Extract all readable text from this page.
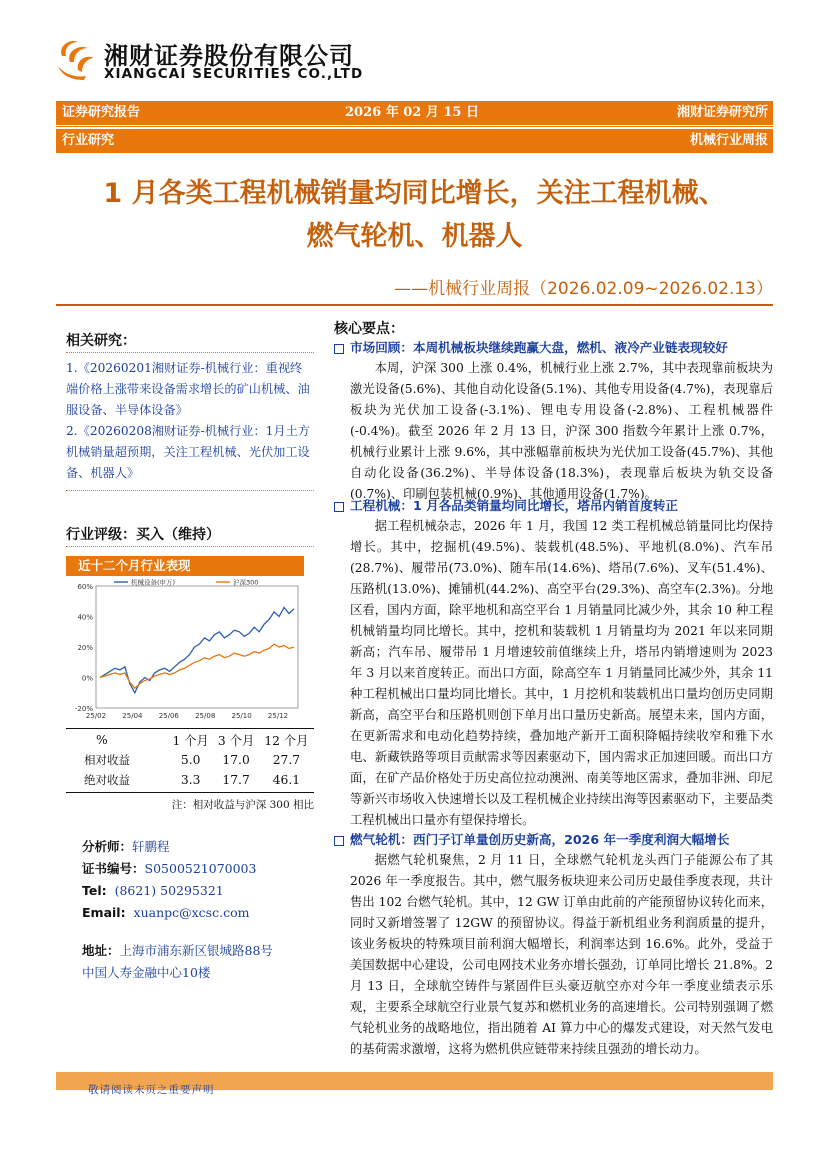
湘财证券股份有限公司
XIANGCAI SECURITIES CO.,LTD
证券研究报告	2026 年 02 月 15 日	湘财证券研究所
行业研究	机械行业周报
1 月各类工程机械销量均同比增长，关注工程机械、
燃气轮机、机器人
——机械行业周报（2026.02.09~2026.02.13）
相关研究：

1.《20260201湘财证券-机械行业：重视终端价格上涨带来设备需求增长的矿山机械、油服设备、半导体设备》

2.《20260208湘财证券-机械行业：1月土方机械销量超预期，关注工程机械、光伏加工设备、机器人》

行业评级：买入（维持）
近十二个月行业表现
60%
40%
20%
0%
-20%
25/02 25/04 25/06 25/08 25/10 25/12
机械设备(申万)	沪深300
%	1 个月	3 个月	12 个月
相对收益	5.0	17.0	27.7
绝对收益	3.3	17.7	46.1
注：相对收益与沪深 300 相比
分析师：轩鹏程
证书编号：S0500521070003
Tel: (8621) 50295321
Email: xuanpc@xcsc.com
地址：上海市浦东新区银城路88号
中国人寿金融中心10楼
核心要点：
市场回顾：本周机械板块继续跑赢大盘，燃机、液冷产业链表现较好
本周，沪深 300 上涨 0.4%，机械行业上涨 2.7%，其中表现靠前板块为激光设备(5.6%)、其他自动化设备(5.1%)、其他专用设备(4.7%)，表现靠后板块为光伏加工设备(-3.1%)、锂电专用设备(-2.8%)、工程机械器件(-0.4%)。截至 2026 年 2 月 13 日，沪深 300 指数今年累计上涨 0.7%，机械行业累计上涨 9.6%，其中涨幅靠前板块为光伏加工设备(45.7%)、其他自动化设备(36.2%)、半导体设备(18.3%)，表现靠后板块为轨交设备(0.7%)、印刷包装机械(0.9%)、其他通用设备(1.7%)。
工程机械：1 月各品类销量均同比增长，塔吊内销首度转正
据工程机械杂志，2026 年 1 月，我国 12 类工程机械总销量同比均保持增长。其中，挖掘机(49.5%)、装载机(48.5%)、平地机(8.0%)、汽车吊(28.7%)、履带吊(73.0%)、随车吊(14.6%)、塔吊(7.6%)、叉车(51.4%)、压路机(13.0%)、摊铺机(44.2%)、高空平台(29.3%)、高空车(2.3%)。分地区看，国内方面，除平地机和高空平台 1 月销量同比减少外，其余 10 种工程机械销量均同比增长。其中，挖机和装载机 1 月销量均为 2021 年以来同期新高；汽车吊、履带吊 1 月增速较前值继续上升，塔吊内销增速则为 2023 年 3 月以来首度转正。而出口方面，除高空车 1 月销量同比减少外，其余 11 种工程机械出口量均同比增长。其中，1 月挖机和装载机出口量均创历史同期新高，高空平台和压路机则创下单月出口量历史新高。展望未来，国内方面，在更新需求和电动化趋势持续，叠加地产新开工面积降幅持续收窄和雅下水电、新藏铁路等项目贡献需求等因素驱动下，国内需求正加速回暖。而出口方面，在矿产品价格处于历史高位拉动澳洲、南美等地区需求，叠加非洲、印尼等新兴市场收入快速增长以及工程机械企业持续出海等因素驱动下，主要品类工程机械出口量亦有望保持增长。
燃气轮机：西门子订单量创历史新高，2026 年一季度利润大幅增长
据燃气轮机聚焦，2 月 11 日，全球燃气轮机龙头西门子能源公布了其 2026 年一季度报告。其中，燃气服务板块迎来公司历史最佳季度表现，共计售出 102 台燃气轮机。其中，12 GW 订单由此前的产能预留协议转化而来，同时又新增签署了 12GW 的预留协议。得益于新机组业务利润质量的提升，该业务板块的特殊项目前利润大幅增长，利润率达到 16.6%。此外，受益于美国数据中心建设，公司电网技术业务亦增长强劲，订单同比增长 21.8%。2 月 13 日，全球航空铸件与紧固件巨头豪迈航空亦对今年一季度业绩表示乐观，主要系全球航空行业景气复苏和燃机业务的高速增长。公司特别强调了燃气轮机业务的战略地位，指出随着 AI 算力中心的爆发式建设，对天然气发电的基荷需求激增，这将为燃机供应链带来持续且强劲的增长动力。
敬请阅读末页之重要声明
